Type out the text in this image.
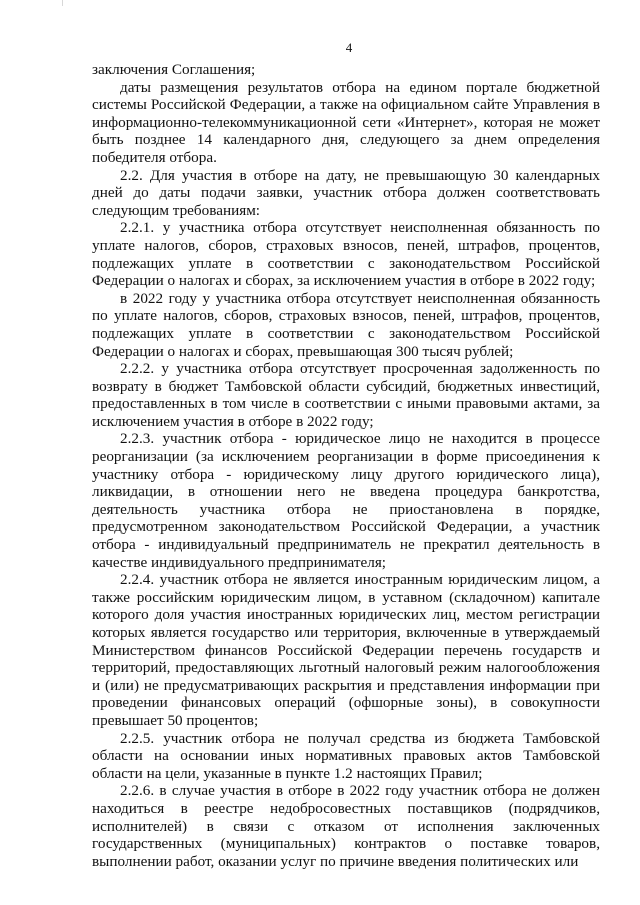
4

заключения Соглашения;

даты размещения результатов отбора на едином портале бюджетной системы Российской Федерации, а также на официальном сайте Управления в информационно-телекоммуникационной сети «Интернет», которая не может быть позднее 14 календарного дня, следующего за днем определения победителя отбора.

2.2. Для участия в отборе на дату, не превышающую 30 календарных дней до даты подачи заявки, участник отбора должен соответствовать следующим требованиям:

2.2.1. у участника отбора отсутствует неисполненная обязанность по уплате налогов, сборов, страховых взносов, пеней, штрафов, процентов, подлежащих уплате в соответствии с законодательством Российской Федерации о налогах и сборах, за исключением участия в отборе в 2022 году;

в 2022 году у участника отбора отсутствует неисполненная обязанность по уплате налогов, сборов, страховых взносов, пеней, штрафов, процентов, подлежащих уплате в соответствии с законодательством Российской Федерации о налогах и сборах, превышающая 300 тысяч рублей;

2.2.2. у участника отбора отсутствует просроченная задолженность по возврату в бюджет Тамбовской области субсидий, бюджетных инвестиций, предоставленных в том числе в соответствии с иными правовыми актами, за исключением участия в отборе в 2022 году;

2.2.3. участник отбора - юридическое лицо не находится в процессе реорганизации (за исключением реорганизации в форме присоединения к участнику отбора - юридическому лицу другого юридического лица), ликвидации, в отношении него не введена процедура банкротства, деятельность участника отбора не приостановлена в порядке, предусмотренном законодательством Российской Федерации, а участник отбора - индивидуальный предприниматель не прекратил деятельность в качестве индивидуального предпринимателя;

2.2.4. участник отбора не является иностранным юридическим лицом, а также российским юридическим лицом, в уставном (складочном) капитале которого доля участия иностранных юридических лиц, местом регистрации которых является государство или территория, включенные в утверждаемый Министерством финансов Российской Федерации перечень государств и территорий, предоставляющих льготный налоговый режим налогообложения и (или) не предусматривающих раскрытия и представления информации при проведении финансовых операций (офшорные зоны), в совокупности превышает 50 процентов;

2.2.5. участник отбора не получал средства из бюджета Тамбовской области на основании иных нормативных правовых актов Тамбовской области на цели, указанные в пункте 1.2 настоящих Правил;

2.2.6. в случае участия в отборе в 2022 году участник отбора не должен находиться в реестре недобросовестных поставщиков (подрядчиков, исполнителей) в связи с отказом от исполнения заключенных государственных (муниципальных) контрактов о поставке товаров, выполнении работ, оказании услуг по причине введения политических или
